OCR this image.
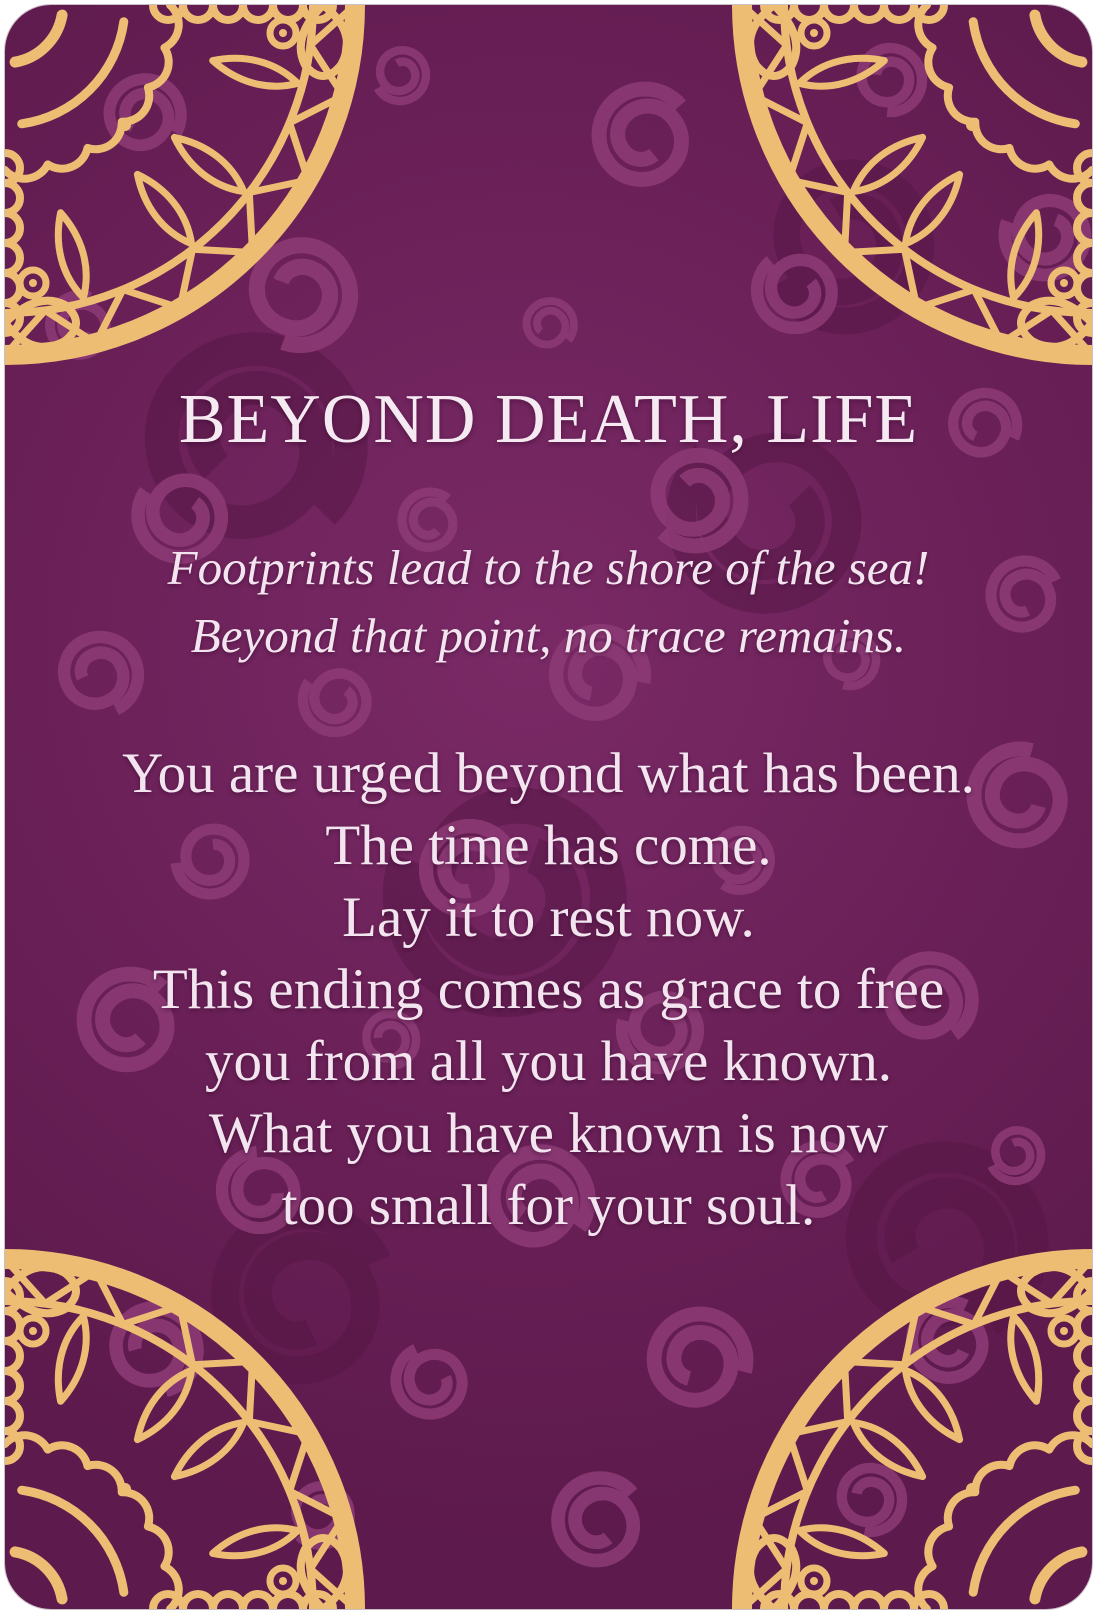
BEYOND DEATH, LIFE

Footprints lead to the shore of the sea!

Beyond that point, no trace remains.

You are urged beyond what has been.

The time has come.

Lay it to rest now.

This ending comes as grace to free

you from all you have known.

What you have known is now

too small for your soul.
